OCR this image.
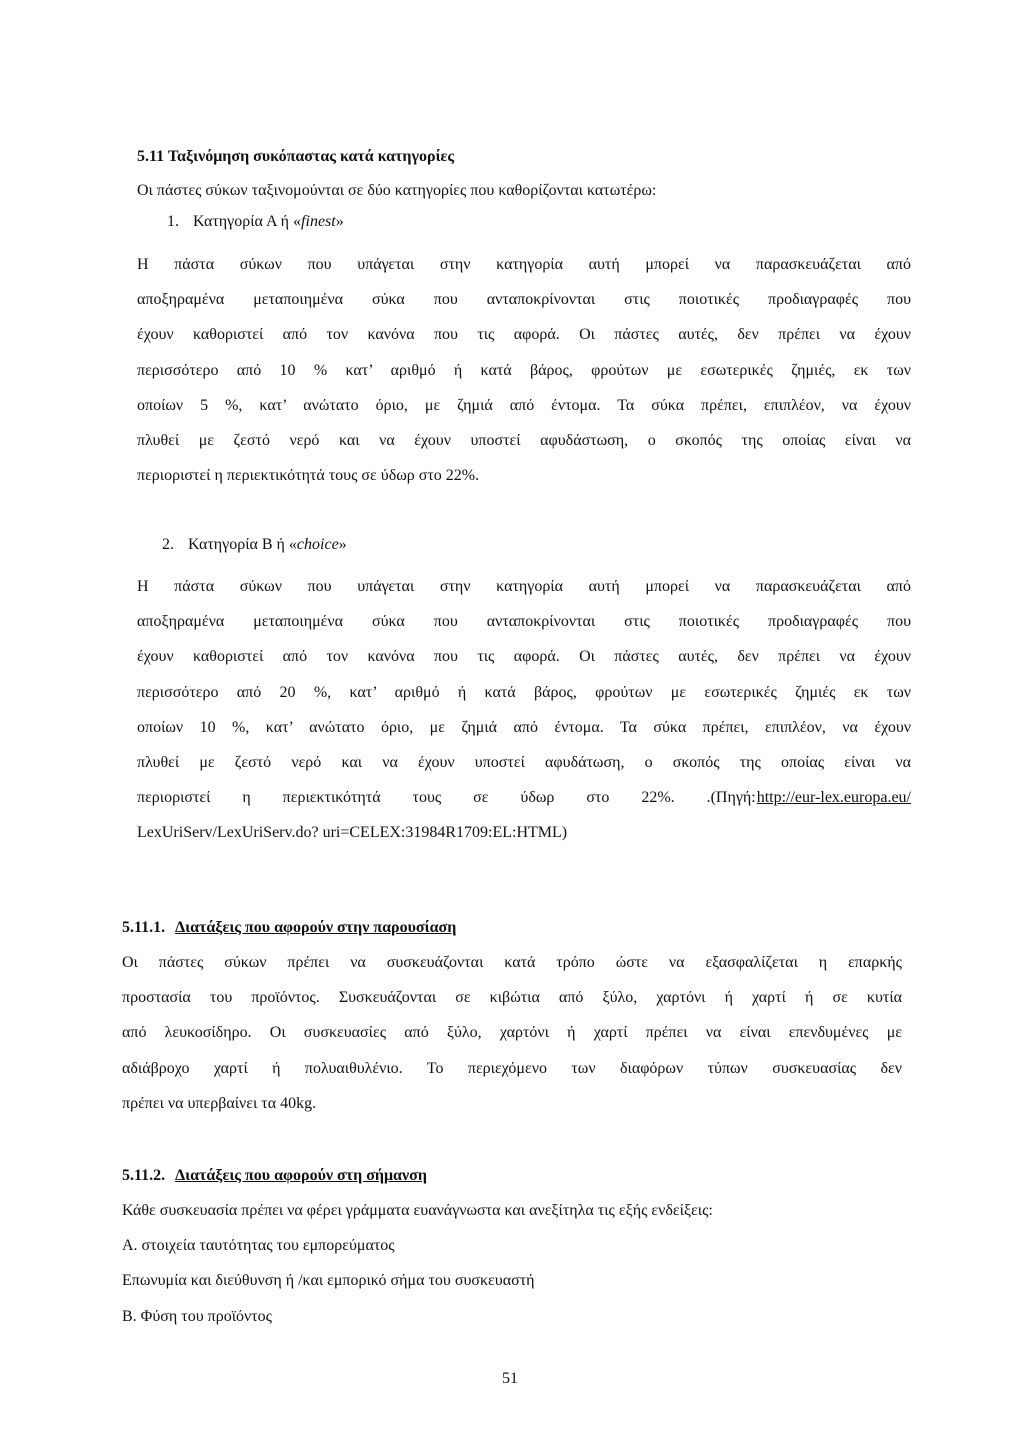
5.11 Ταξινόμηση συκόπαστας κατά κατηγορίες
Οι πάστες σύκων ταξινομούνται σε δύο κατηγορίες που καθορίζονται κατωτέρω:
1. Κατηγορία Α ή «finest»
Η πάστα σύκων που υπάγεται στην κατηγορία αυτή μπορεί να παρασκευάζεται από
αποξηραμένα μεταποιημένα σύκα που ανταποκρίνονται στις ποιοτικές προδιαγραφές που
έχουν καθοριστεί από τον κανόνα που τις αφορά. Οι πάστες αυτές, δεν πρέπει να έχουν
περισσότερο από 10 % κατ’ αριθμό ή κατά βάρος, φρούτων με εσωτερικές ζημιές, εκ των
οποίων 5 %, κατ’ ανώτατο όριο, με ζημιά από έντομα. Τα σύκα πρέπει, επιπλέον, να έχουν
πλυθεί με ζεστό νερό και να έχουν υποστεί αφυδάστωση, ο σκοπός της οποίας είναι να
περιοριστεί η περιεκτικότητά τους σε ύδωρ στο 22%.
2. Κατηγορία Β ή «choice»
Η πάστα σύκων που υπάγεται στην κατηγορία αυτή μπορεί να παρασκευάζεται από
αποξηραμένα μεταποιημένα σύκα που ανταποκρίνονται στις ποιοτικές προδιαγραφές που
έχουν καθοριστεί από τον κανόνα που τις αφορά. Οι πάστες αυτές, δεν πρέπει να έχουν
περισσότερο από 20 %, κατ’ αριθμό ή κατά βάρος, φρούτων με εσωτερικές ζημιές εκ των
οποίων 10 %, κατ’ ανώτατο όριο, με ζημιά από έντομα. Τα σύκα πρέπει, επιπλέον, να έχουν
πλυθεί με ζεστό νερό και να έχουν υποστεί αφυδάτωση, ο σκοπός της οποίας είναι να
περιοριστεί η περιεκτικότητά τους σε ύδωρ στο 22%. .(Πηγή: http://eur-lex.europa.eu/
LexUriServ/LexUriServ.do? uri=CELEX:31984R1709:EL:HTML)
5.11.1. Διατάξεις που αφορούν στην παρουσίαση
Οι πάστες σύκων πρέπει να συσκευάζονται κατά τρόπο ώστε να εξασφαλίζεται η επαρκής
προστασία του προϊόντος. Συσκευάζονται σε κιβώτια από ξύλο, χαρτόνι ή χαρτί ή σε κυτία
από λευκοσίδηρο. Οι συσκευασίες από ξύλο, χαρτόνι ή χαρτί πρέπει να είναι επενδυμένες με
αδιάβροχο χαρτί ή πολυαιθυλένιο. Το περιεχόμενο των διαφόρων τύπων συσκευασίας δεν
πρέπει να υπερβαίνει τα 40kg.
5.11.2. Διατάξεις που αφορούν στη σήμανση
Κάθε συσκευασία πρέπει να φέρει γράμματα ευανάγνωστα και ανεξίτηλα τις εξής ενδείξεις:
Α. στοιχεία ταυτότητας του εμπορεύματος
Επωνυμία και διεύθυνση ή /και εμπορικό σήμα του συσκευαστή
Β. Φύση του προϊόντος
51
